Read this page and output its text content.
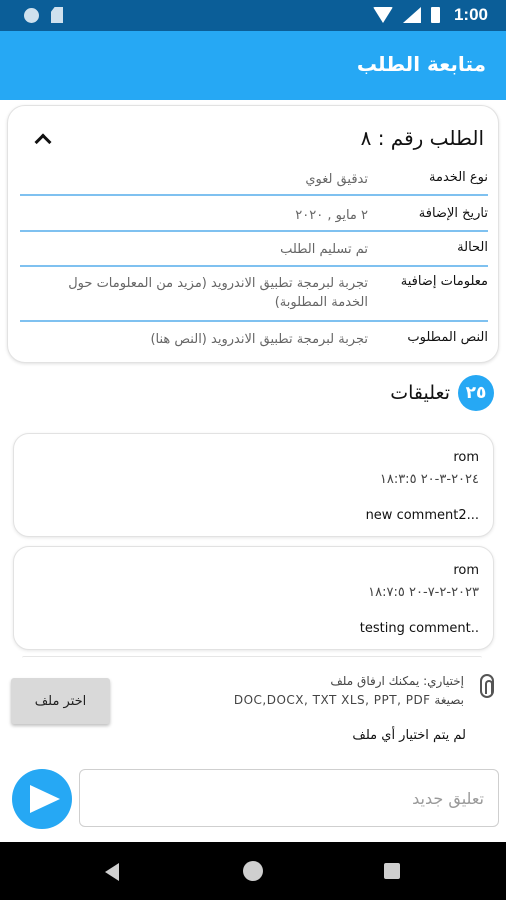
1:00
متابعة الطلب
الطلب رقم : ٨
نوع الخدمة
تدقيق لغوي
تاريخ الإضافة
٢ مايو , ٢٠٢٠
الحالة
تم تسليم الطلب
معلومات إضافية
تجربة لبرمجة تطبيق الاندرويد (مزيد من المعلومات حول الخدمة المطلوبة)
النص المطلوب
تجربة لبرمجة تطبيق الاندرويد (النص هنا)
٢٥
تعليقات
rom
٢٠٢٤-٣-٢٠ ١٨:٣:٥
new comment2...
rom
٢٠٢٣-٢-٧-٢٠ ١٨:٧:٥
testing comment..
اختر ملف
إختياري: يمكنك ارفاق ملف
بصيغة DOC,DOCX, TXT XLS, PPT, PDF
لم يتم اختيار أي ملف
تعليق جديد
